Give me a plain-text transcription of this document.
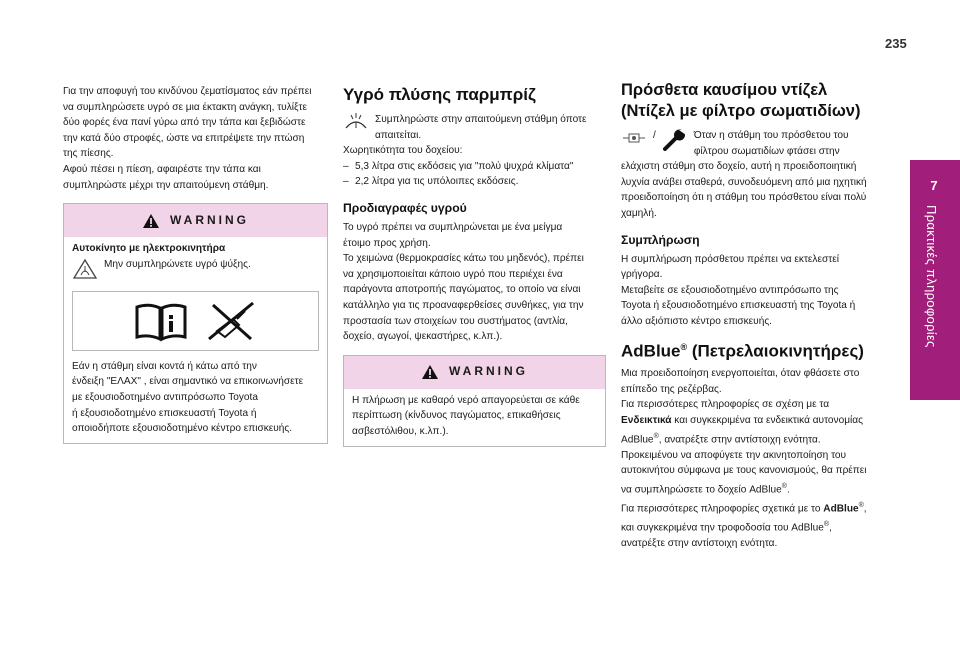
235
7
Πρακτικές πληροφορίες

Για την αποφυγή του κινδύνου ζεματίσματος εάν πρέπει

να συμπληρώσετε υγρό σε μια έκτακτη ανάγκη, τυλίξτε

δύο φορές ένα πανί γύρω από την τάπα και ξεβιδώστε

την κατά δύο στροφές, ώστε να επιτρέψετε την πτώση

της πίεσης.

Αφού πέσει η πίεση, αφαιρέστε την τάπα και

συμπληρώστε μέχρι την απαιτούμενη στάθμη.

WARNING

Αυτοκίνητο με ηλεκτροκινητήρα

Μην συμπληρώνετε υγρό ψύξης.

Εάν η στάθμη είναι κοντά ή κάτω από την

ένδειξη "ΕΛΑΧ" , είναι σημαντικό να επικοινωνήσετε

με εξουσιοδοτημένο αντιπρόσωπο Toyota

ή εξουσιοδοτημένο επισκευαστή Toyota ή

οποιοδήποτε εξουσιοδοτημένο κέντρο επισκευής.

Υγρό πλύσης παρμπρίζ

Συμπληρώστε στην απαιτούμενη στάθμη όποτε

απαιτείται.

Χωρητικότητα του δοχείου:

– 5,3 λίτρα στις εκδόσεις για "πολύ ψυχρά κλίματα"
– 2,2 λίτρα για τις υπόλοιπες εκδόσεις.
Προδιαγραφές υγρού

Το υγρό πρέπει να συμπληρώνεται με ένα μείγμα

έτοιμο προς χρήση.

Το χειμώνα (θερμοκρασίες κάτω του μηδενός), πρέπει

να χρησιμοποιείται κάποιο υγρό που περιέχει ένα

παράγοντα αποτροπής παγώματος, το οποίο να είναι

κατάλληλο για τις προαναφερθείσες συνθήκες, για την

προστασία των στοιχείων του συστήματος (αντλία,

δοχείο, αγωγοί, ψεκαστήρες, κ.λπ.).

WARNING

Η πλήρωση με καθαρό νερό απαγορεύεται σε κάθε

περίπτωση (κίνδυνος παγώματος, επικαθήσεις

ασβεστόλιθου, κ.λπ.).

Πρόσθετα καυσίμου ντίζελ
(Ντίζελ με φίλτρο σωματιδίων)
/	Όταν η στάθμη του πρόσθετου του

φίλτρου σωματιδίων φτάσει στην

ελάχιστη στάθμη στο δοχείο, αυτή η προειδοποιητική

λυχνία ανάβει σταθερά, συνοδευόμενη από μια ηχητική

προειδοποίηση ότι η στάθμη του πρόσθετου είναι πολύ

χαμηλή.

Συμπλήρωση

Η συμπλήρωση πρόσθετου πρέπει να εκτελεστεί

γρήγορα.

Μεταβείτε σε εξουσιοδοτημένο αντιπρόσωπο της

Toyota ή εξουσιοδοτημένο επισκευαστή της Toyota ή

άλλο αξιόπιστο κέντρο επισκευής.

AdBlue® (Πετρελαιοκινητήρες)

Μια προειδοποίηση ενεργοποιείται, όταν φθάσετε στο

επίπεδο της ρεζέρβας.

Για περισσότερες πληροφορίες σε σχέση με τα

Ενδεικτικά και συγκεκριμένα τα ενδεικτικά αυτονομίας

AdBlue®, ανατρέξτε στην αντίστοιχη ενότητα.

Προκειμένου να αποφύγετε την ακινητοποίηση του

αυτοκινήτου σύμφωνα με τους κανονισμούς, θα πρέπει

να συμπληρώσετε το δοχείο AdBlue®.

Για περισσότερες πληροφορίες σχετικά με το AdBlue®,

και συγκεκριμένα την τροφοδοσία του AdBlue®,

ανατρέξτε στην αντίστοιχη ενότητα.
